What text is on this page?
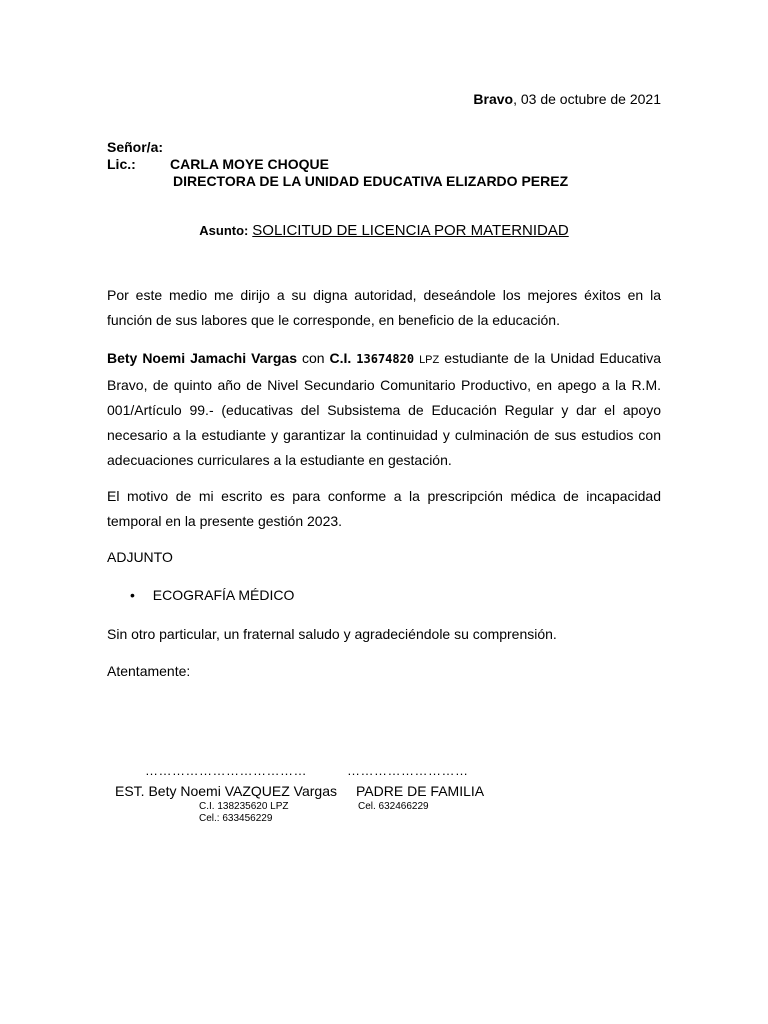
Bravo, 03 de octubre de 2021
Señor/a:
Lic.: CARLA MOYE CHOQUE
DIRECTORA DE LA UNIDAD EDUCATIVA ELIZARDO PEREZ
Asunto: SOLICITUD DE LICENCIA POR MATERNIDAD
Por este medio me dirijo a su digna autoridad, deseándole los mejores éxitos en la función de sus labores que le corresponde, en beneficio de la educación.
Bety Noemi Jamachi Vargas con C.I. 13674820 LPZ estudiante de la Unidad Educativa Bravo, de quinto año de Nivel Secundario Comunitario Productivo, en apego a la R.M. 001/Artículo 99.- (educativas del Subsistema de Educación Regular y dar el apoyo necesario a la estudiante y garantizar la continuidad y culminación de sus estudios con adecuaciones curriculares a la estudiante en gestación.
El motivo de mi escrito es para conforme a la prescripción médica de incapacidad temporal en la presente gestión 2023.
ADJUNTO
• ECOGRAFÍA MÉDICO
Sin otro particular, un fraternal saludo y agradeciéndole su comprensión.
Atentamente:
………………………………	………………………
EST. Bety Noemi VAZQUEZ Vargas PADRE DE FAMILIA
C.I. 138235620 LPZ	Cel. 632466229
Cel.: 633456229
